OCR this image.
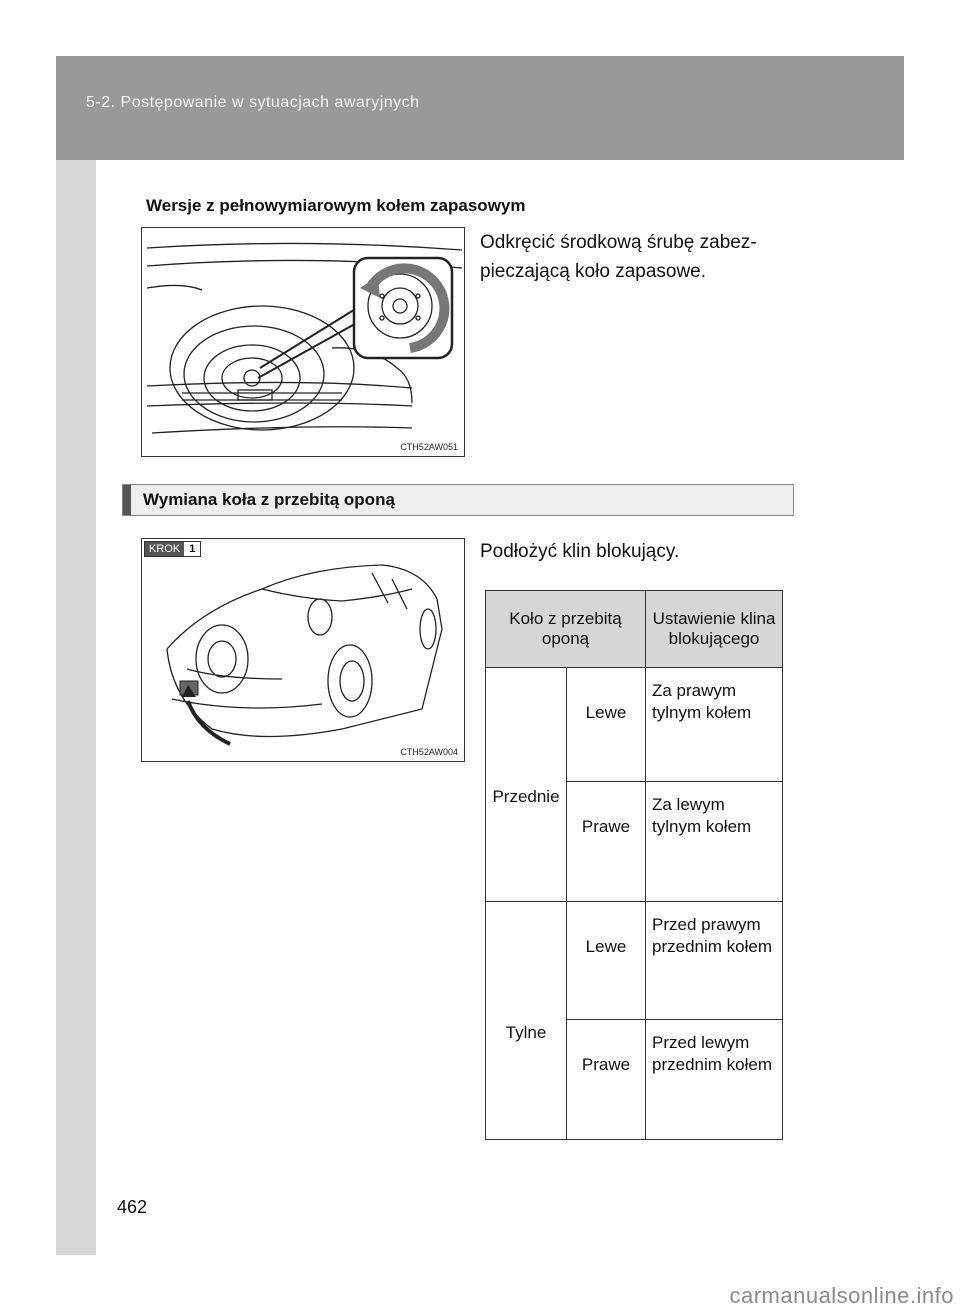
5-2. Postępowanie w sytuacjach awaryjnych
Wersje z pełnowymiarowym kołem zapasowym
CTH52AW051
Odkręcić środkową śrubę zabez-pieczającą koło zapasowe.
Wymiana koła z przebitą oponą
KROK 1
CTH52AW004
Podłożyć klin blokujący.
Koło z przebitą oponą		Ustawienie klina blokującego
Przednie	Lewe	Za prawym tylnym kołem
	Prawe	Za lewym tylnym kołem
Tylne	Lewe	Przed prawym przednim kołem
	Prawe	Przed lewym przednim kołem
462
carmanualsonline.info
